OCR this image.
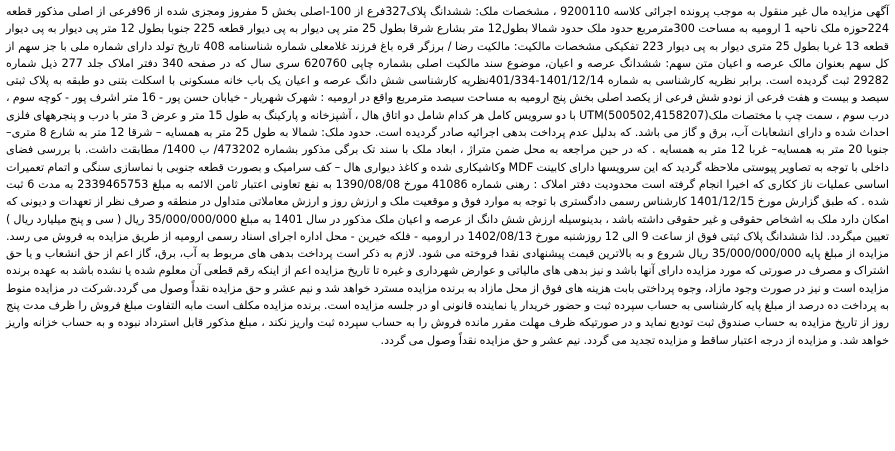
آگهی مزایده مال غیر منقول به موجب پرونده اجرائی کلاسه 9200110 ، مشخصات ملک: ششدانگ پلاک327فرع از 100-اصلی بخش 5 مفروز ومجزی شده از 96فرعی از اصلی مذکور قطعه 224حوزه ملک ناحیه 1 ارومیه به مساحت 300مترمربع حدود ملک حدود شمالا بطول12 متر بشارع شرقا بطول 25 متر پی دیوار به پی دیوار قطعه 225 جنوبا بطول 12 متر پی دیوار به پی دیوار قطعه 13 غربا بطول 25 متری دیوار به پی دیوار 223 تفکیکی مشخصات مالکیت: مالکیت رضا / برزگر قره باغ فرزند غلامعلی شماره شناسنامه 408 تاریخ تولد دارای شماره ملی با جز سهم از کل سهم بعنوان مالک عرصه و اعیان متن سهم: ششدانگ عرصه و اعیان، موضوع سند مالکیت اصلی بشماره چاپی 620760 سری سال که در صفحه 340 دفتر املاک جلد 277 ذیل شماره 29282 ثبت گردیده است. برابر نظریه کارشناسی به شماره 1401/12/14-401/334نظریه کارشناسی شش دانگ عرصه و اعیان یک باب خانه مسکونی با اسکلت بتنی دو طبقه به پلاک ثبتی سیصد و بیست و هفت فرعی از نودو شش فرعی از یکصد اصلی بخش پنج ارومیه به مساحت سیصد مترمربع واقع در ارومیه : شهرک شهریار - خیابان حسن پور - 16 متر اشرف پور - کوچه سوم ، درب سوم ، سمت چپ با مختصات ملک(UTM(500502,4158207 با دو سرویس کامل هر کدام شامل دو اتاق هال ، آشپزخانه و پارکینگ به طول 15 متر و عرض 3 متر با درب و پنجرههای فلزی احداث شده و دارای انشعابات آب، برق و گاز می باشد. که بدلیل عدم پرداخت بدهی اجرائیه صادر گردیده است. حدود ملک: شمالا به طول 25 متر به همسایه – شرقا 12 متر به شارع 8 متری– جنوبا 20 متر به همسایه– غربا 12 متر به همسایه . که در حین مراجعه به محل ضمن متراژ ، ابعاد ملک با سند تک برگی مذکور بشماره 473202/ ب 1400/ مطابقت داشت. با بررسی فضای داخلی با توجه به تصاویر پیوستی ملاحظه گردید که این سرویسها دارای کابینت MDF وکاشیکاری شده و کاغذ دیواری هال – کف سرامیک و بصورت قطعه جنوبی با نماسازی سنگی و اتمام تعمیرات اساسی عملیات ناز ککاری که اخیرا انجام گرفته است محدودیت دفتر املاک : رهنی شماره 41086 مورخ 1390/08/08 به نفع تعاونی اعتبار ثامن الائمه به مبلغ 2339465753 به مدت 6 ثبت شده . که طبق گزارش مورخ 1401/12/15 کارشناس رسمی دادگستری با توجه به موارد فوق و موقعیت ملک و ارزش روز و ارزش معاملاتی متداول در منطقه و صرف نظر از تعهدات و دیونی که امکان دارد ملک به اشخاص حقوقی و غیر حقوقی داشته باشد ، بدینوسیله ارزش شش دانگ از عرصه و اعیان ملک مذکور در سال 1401 به مبلغ 35/000/000/000 ریال ( سی و پنج میلیارد ریال ) تعیین میگردد. لذا ششدانگ پلاک ثبتی فوق از ساعت 9 الی 12 روزشنبه مورخ 1402/08/13 در ارومیه - فلکه خیرین - محل اداره اجرای اسناد رسمی ارومیه از طریق مزایده به فروش می رسد. مزایده از مبلغ پایه 35/000/000/000 ریال شروع و به بالاترین قیمت پیشنهادی نقدا فروخته می شود. لازم به ذکر است پرداخت بدهی های مربوط به آب، برق، گاز اعم از حق انشعاب و یا حق اشتراک و مصرف در صورتی که مورد مزایده دارای آنها باشد و نیز بدهی های مالیاتی و عوارض شهرداری و غیره تا تاریخ مزایده اعم از اینکه رقم قطعی آن معلوم شده یا نشده باشد به عهده برنده مزایده است و نیز در صورت وجود مازاد، وجوه پرداختی بابت هزینه های فوق از محل مازاد به برنده مزایده مسترد خواهد شد و نیم عشر و حق مزایده نقداً وصول می گردد.شرکت در مزایده منوط به پرداخت ده درصد از مبلغ پایه کارشناسی به حساب سپرده ثبت و حضور خریدار یا نماینده قانونی او در جلسه مزایده است. برنده مزایده مکلف است مابه التفاوت مبلغ فروش را ظرف مدت پنج روز از تاریخ مزایده به حساب صندوق ثبت تودیع نماید و در صورتیکه ظرف مهلت مقرر مانده فروش را به حساب سپرده ثبت واریز نکند ، مبلغ مذکور قابل استرداد نبوده و به حساب خزانه واریز خواهد شد. و مزایده از درجه اعتبار ساقط و مزایده تجدید می گردد. نیم عشر و حق مزایده نقداً وصول می گردد.
